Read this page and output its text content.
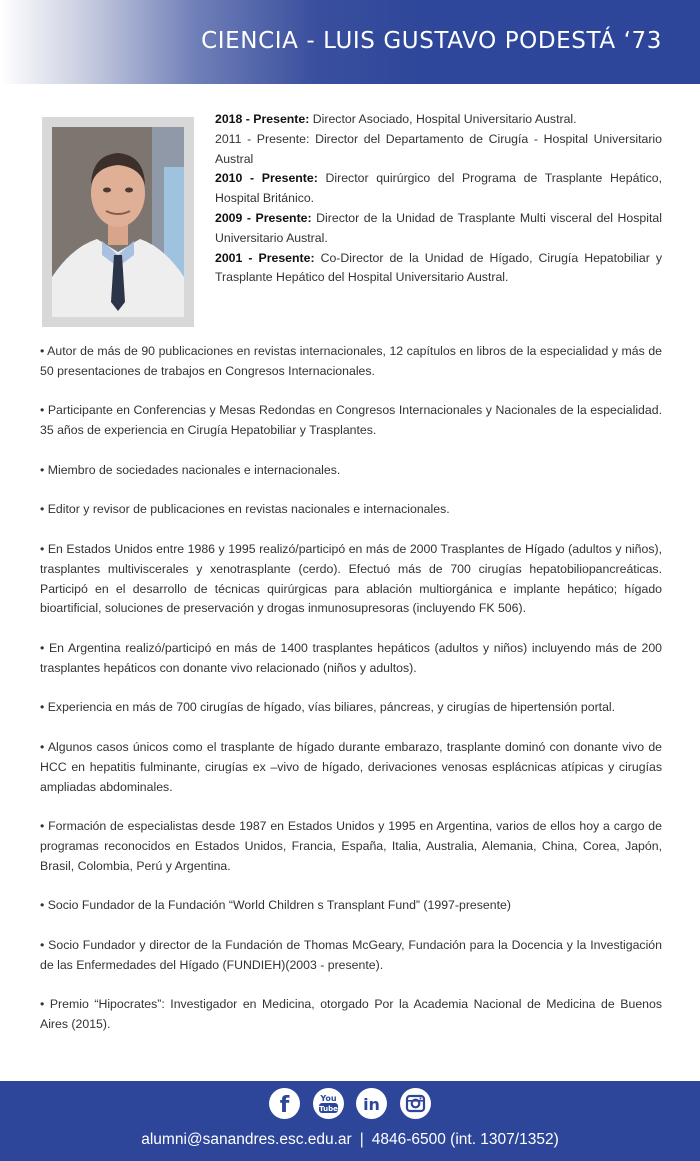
CIENCIA - LUIS GUSTAVO PODESTÁ ‘73

2018 - Presente: Director Asociado, Hospital Universitario Austral.

2011 - Presente: Director del Departamento de Cirugía - Hospital Universitario Austral

2010 - Presente: Director quirúrgico del Programa de Trasplante Hepático, Hospital Británico.

2009 - Presente: Director de la Unidad de Trasplante Multi visceral del Hospital Universitario Austral.

2001 - Presente: Co-Director de la Unidad de Hígado, Cirugía Hepatobiliar y Trasplante Hepático del Hospital Universitario Austral.

• Autor de más de 90 publicaciones en revistas internacionales, 12 capítulos en libros de la especialidad y más de 50 presentaciones de trabajos en Congresos Internacionales.

• Participante en Conferencias y Mesas Redondas en Congresos Internacionales y Nacionales de la especialidad. 35 años de experiencia en Cirugía Hepatobiliar y Trasplantes.

• Miembro de sociedades nacionales e internacionales.

• Editor y revisor de publicaciones en revistas nacionales e internacionales.

• En Estados Unidos entre 1986 y 1995 realizó/participó en más de 2000 Trasplantes de Hígado (adultos y niños), trasplantes multiviscerales y xenotrasplante (cerdo). Efectuó más de 700 cirugías hepatobiliopancreáticas. Participó en el desarrollo de técnicas quirúrgicas para ablación multiorgánica e implante hepático; hígado bioartificial, soluciones de preservación y drogas inmunosupresoras (incluyendo FK 506).

• En Argentina realizó/participó en más de 1400 trasplantes hepáticos (adultos y niños) incluyendo más de 200 trasplantes hepáticos con donante vivo relacionado (niños y adultos).

• Experiencia en más de 700 cirugías de hígado, vías biliares, páncreas, y cirugías de hipertensión portal.

• Algunos casos únicos como el trasplante de hígado durante embarazo, trasplante dominó con donante vivo de HCC en hepatitis fulminante, cirugías ex –vivo de hígado, derivaciones venosas esplácnicas atípicas y cirugías ampliadas abdominales.

• Formación de especialistas desde 1987 en Estados Unidos y 1995 en Argentina, varios de ellos hoy a cargo de programas reconocidos en Estados Unidos, Francia, España, Italia, Australia, Alemania, China, Corea, Japón, Brasil, Colombia, Perú y Argentina.

• Socio Fundador de la Fundación “World Children s Transplant Fund” (1997-presente)

• Socio Fundador y director de la Fundación de Thomas McGeary, Fundación para la Docencia y la Investigación de las Enfermedades del Hígado (FUNDIEH)(2003 - presente).

• Premio “Hipocrates”: Investigador en Medicina, otorgado Por la Academia Nacional de Medicina de Buenos Aires (2015).

f
	You
Tube
in

alumni@sanandres.esc.edu.ar | 4846-6500 (int. 1307/1352)
